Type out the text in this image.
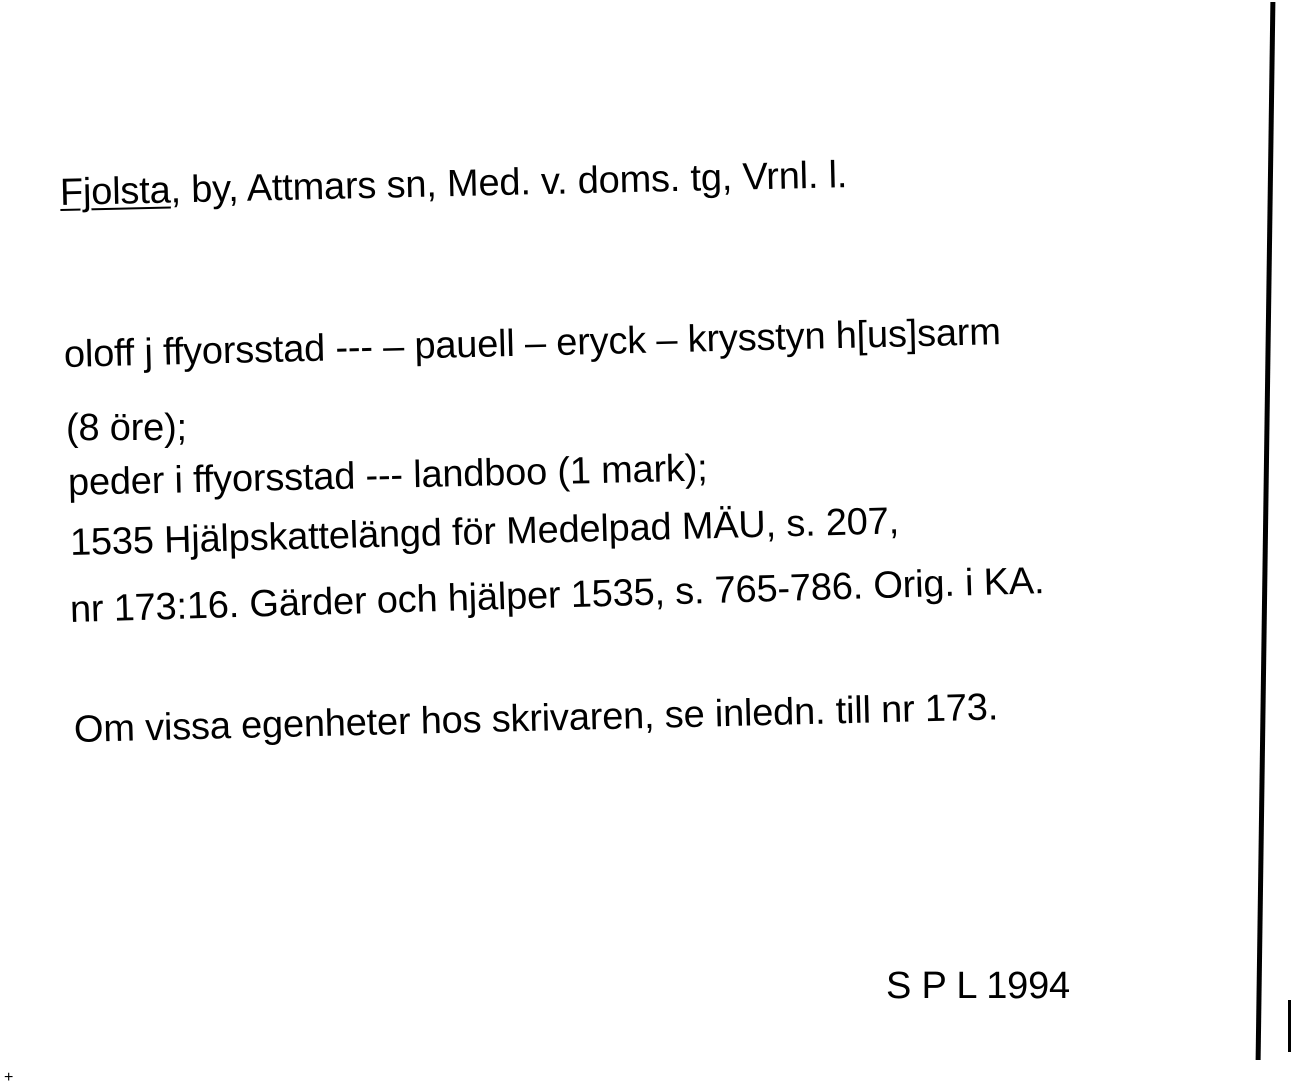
Fjolsta, by, Attmars sn, Med. v. doms. tg, Vrnl. l.
oloff j ffyorsstad --- – pauell – eryck – krysstyn h[us]sarm
(8 öre);
peder i ffyorsstad --- landboo (1 mark);
1535 Hjälpskattelängd för Medelpad MÄU, s. 207,
nr 173:16. Gärder och hjälper 1535, s. 765-786. Orig. i KA.
Om vissa egenheter hos skrivaren, se inledn. till nr 173.
S P L 1994
+
